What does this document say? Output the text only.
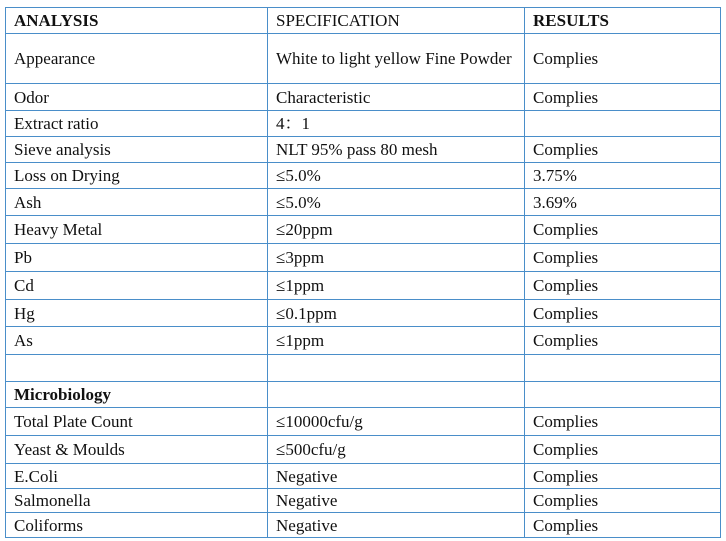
ANALYSIS	SPECIFICATION	RESULTS
Appearance	White to light yellow Fine Powder	Complies
Odor	Characteristic	Complies
Extract ratio	4：1	
Sieve analysis	NLT 95% pass 80 mesh	Complies
Loss on Drying	≤5.0%	3.75%
Ash	≤5.0%	3.69%
Heavy Metal	≤20ppm	Complies
Pb	≤3ppm	Complies
Cd	≤1ppm	Complies
Hg	≤0.1ppm	Complies
As	≤1ppm	Complies

Microbiology		
Total Plate Count	≤10000cfu/g	Complies
Yeast & Moulds	≤500cfu/g	Complies
E.Coli	Negative	Complies
Salmonella	Negative	Complies
Coliforms	Negative	Complies
